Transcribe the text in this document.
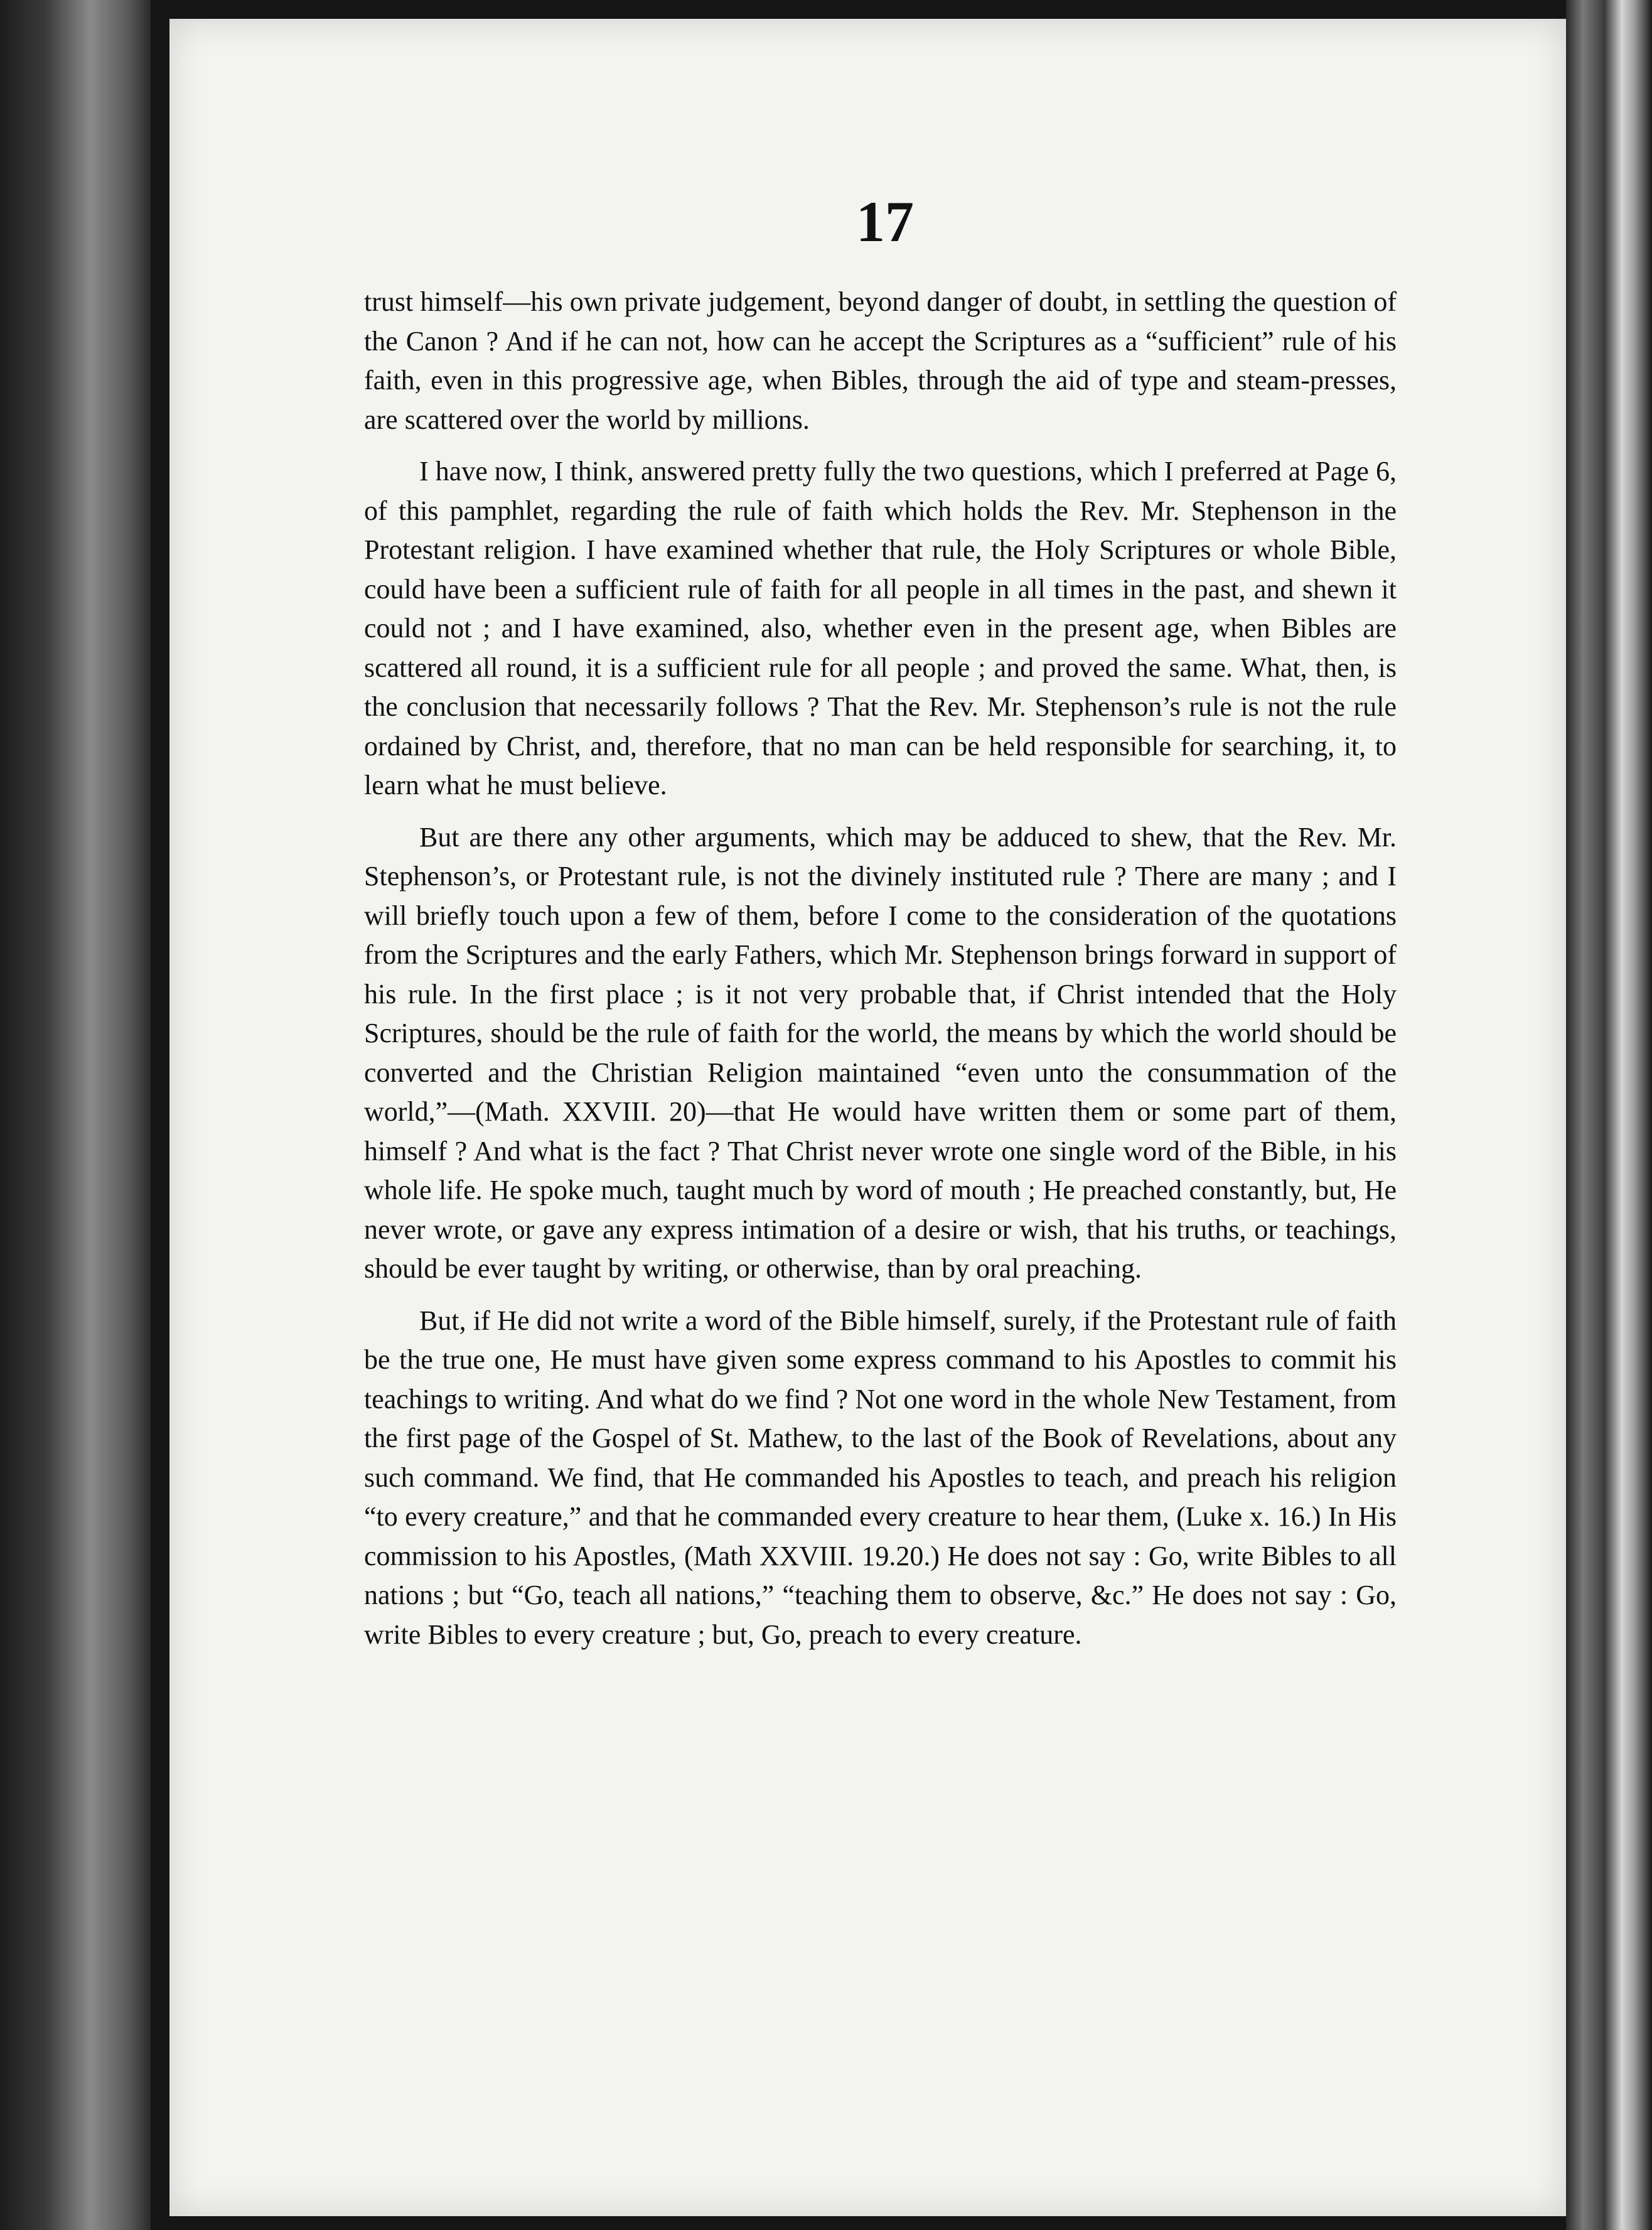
17

trust himself—his own private judgement, beyond danger of doubt, in settling the question of the Canon ? And if he can not, how can he accept the Scriptures as a “sufficient” rule of his faith, even in this progressive age, when Bibles, through the aid of type and steam-presses, are scattered over the world by millions.

I have now, I think, answered pretty fully the two questions, which I preferred at Page 6, of this pamphlet, regarding the rule of faith which holds the Rev. Mr. Stephenson in the Protestant religion. I have examined whether that rule, the Holy Scriptures or whole Bible, could have been a sufficient rule of faith for all people in all times in the past, and shewn it could not ; and I have examined, also, whether even in the present age, when Bibles are scattered all round, it is a sufficient rule for all people ; and proved the same. What, then, is the conclusion that necessarily follows ? That the Rev. Mr. Stephenson’s rule is not the rule ordained by Christ, and, therefore, that no man can be held responsible for searching, it, to learn what he must believe.

But are there any other arguments, which may be adduced to shew, that the Rev. Mr. Stephenson’s, or Protestant rule, is not the divinely instituted rule ? There are many ; and I will briefly touch upon a few of them, before I come to the consideration of the quotations from the Scriptures and the early Fathers, which Mr. Stephenson brings forward in support of his rule. In the first place ; is it not very probable that, if Christ intended that the Holy Scriptures, should be the rule of faith for the world, the means by which the world should be converted and the Christian Religion maintained “even unto the consummation of the world,”—(Math. XXVIII. 20)—that He would have written them or some part of them, himself ? And what is the fact ? That Christ never wrote one single word of the Bible, in his whole life. He spoke much, taught much by word of mouth ; He preached constantly, but, He never wrote, or gave any express intimation of a desire or wish, that his truths, or teachings, should be ever taught by writing, or otherwise, than by oral preaching.

But, if He did not write a word of the Bible himself, surely, if the Protestant rule of faith be the true one, He must have given some express command to his Apostles to commit his teachings to writing. And what do we find ? Not one word in the whole New Testament, from the first page of the Gospel of St. Mathew, to the last of the Book of Revelations, about any such command. We find, that He commanded his Apostles to teach, and preach his religion “to every creature,” and that he commanded every creature to hear them, (Luke x. 16.) In His commission to his Apostles, (Math XXVIII. 19.20.) He does not say : Go, write Bibles to all nations ; but “Go, teach all nations,” “teaching them to observe, &c.” He does not say : Go, write Bibles to every creature ; but, Go, preach to every creature.
